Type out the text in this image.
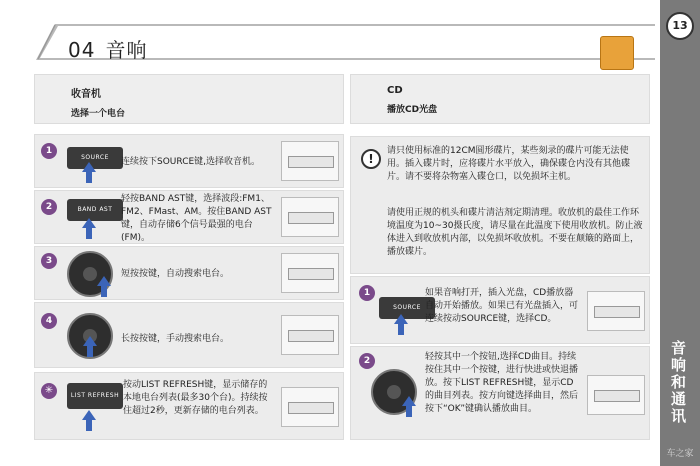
04 音响
13
音响和通讯
车之家
收音机
选择一个电台
CD
播放CD光盘
1
SOURCE	连续按下SOURCE键,选择收音机。
2	BAND AST
轻按BAND AST键，选择波段:FM1、FM2、FMast、AM。按住BAND AST键，自动存储6个信号最强的电台(FM)。
3
短按按键，自动搜索电台。
4
长按按键，手动搜索电台。
✳	LIST REFRESH
按动LIST REFRESH键，显示储存的本地电台列表(最多30个台)。持续按住超过2秒，更新存储的电台列表。
!
请只使用标准的12CM圆形碟片，某些刻录的碟片可能无法使用。插入碟片时，应将碟片水平放入，确保碟仓内没有其他碟片。请不要将杂物塞入碟仓口，以免损坏主机。
请使用正规的机头和碟片清洁剂定期清理。收放机的最佳工作环境温度为10~30摄氏度，请尽量在此温度下使用收放机。防止液体进入到收放机内部，以免损坏收放机。不要在颠簸的路面上，播放碟片。
1
SOURCE
如果音响打开，插入光盘，CD播放器自动开始播放。如果已有光盘插入，可连续按动SOURCE键，选择CD。
2	轻按其中一个按钮,选择CD曲目。持续按住其中一个按键，进行快进或快退播放。按下LIST REFRESH键，显示CD的曲目列表。按方向键选择曲目，然后按下“OK”键确认播放曲目。
